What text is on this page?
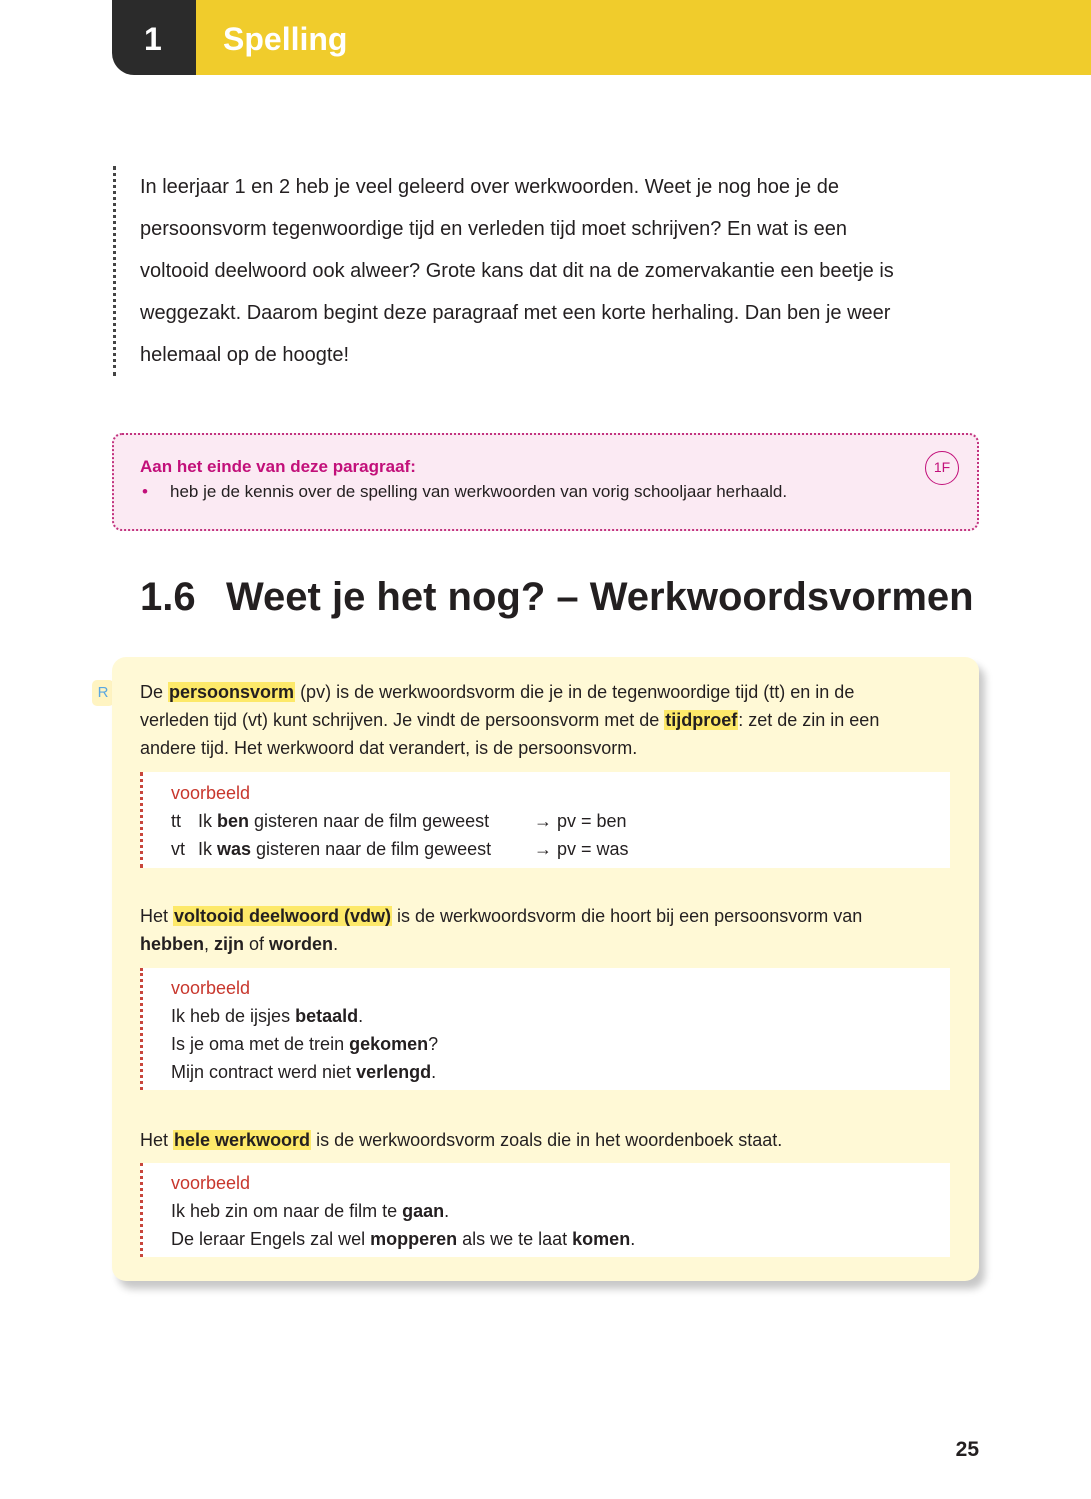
1	Spelling

In leerjaar 1 en 2 heb je veel geleerd over werkwoorden. Weet je nog hoe je de

persoonsvorm tegenwoordige tijd en verleden tijd moet schrijven? En wat is een

voltooid deelwoord ook alweer? Grote kans dat dit na de zomervakantie een beetje is

weggezakt. Daarom begint deze paragraaf met een korte herhaling. Dan ben je weer

helemaal op de hoogte!

Aan het einde van deze paragraaf:
• heb je de kennis over de spelling van werkwoorden van vorig schooljaar herhaald.
1F
1.6 Weet je het nog? – Werkwoordsvormen
R	De persoonsvorm (pv) is de werkwoordsvorm die je in de tegenwoordige tijd (tt) en in de
verleden tijd (vt) kunt schrijven. Je vindt de persoonsvorm met de tijdproef: zet de zin in een
andere tijd. Het werkwoord dat verandert, is de persoonsvorm.

voorbeeld
tt Ik ben gisteren naar de film geweest → pv = ben
vt Ik was gisteren naar de film geweest → pv = was

Het voltooid deelwoord (vdw) is de werkwoordsvorm die hoort bij een persoonsvorm van
hebben, zijn of worden.

voorbeeld
Ik heb de ijsjes betaald.
Is je oma met de trein gekomen?
Mijn contract werd niet verlengd.

Het hele werkwoord is de werkwoordsvorm zoals die in het woordenboek staat.

voorbeeld
Ik heb zin om naar de film te gaan.
De leraar Engels zal wel mopperen als we te laat komen.
25
